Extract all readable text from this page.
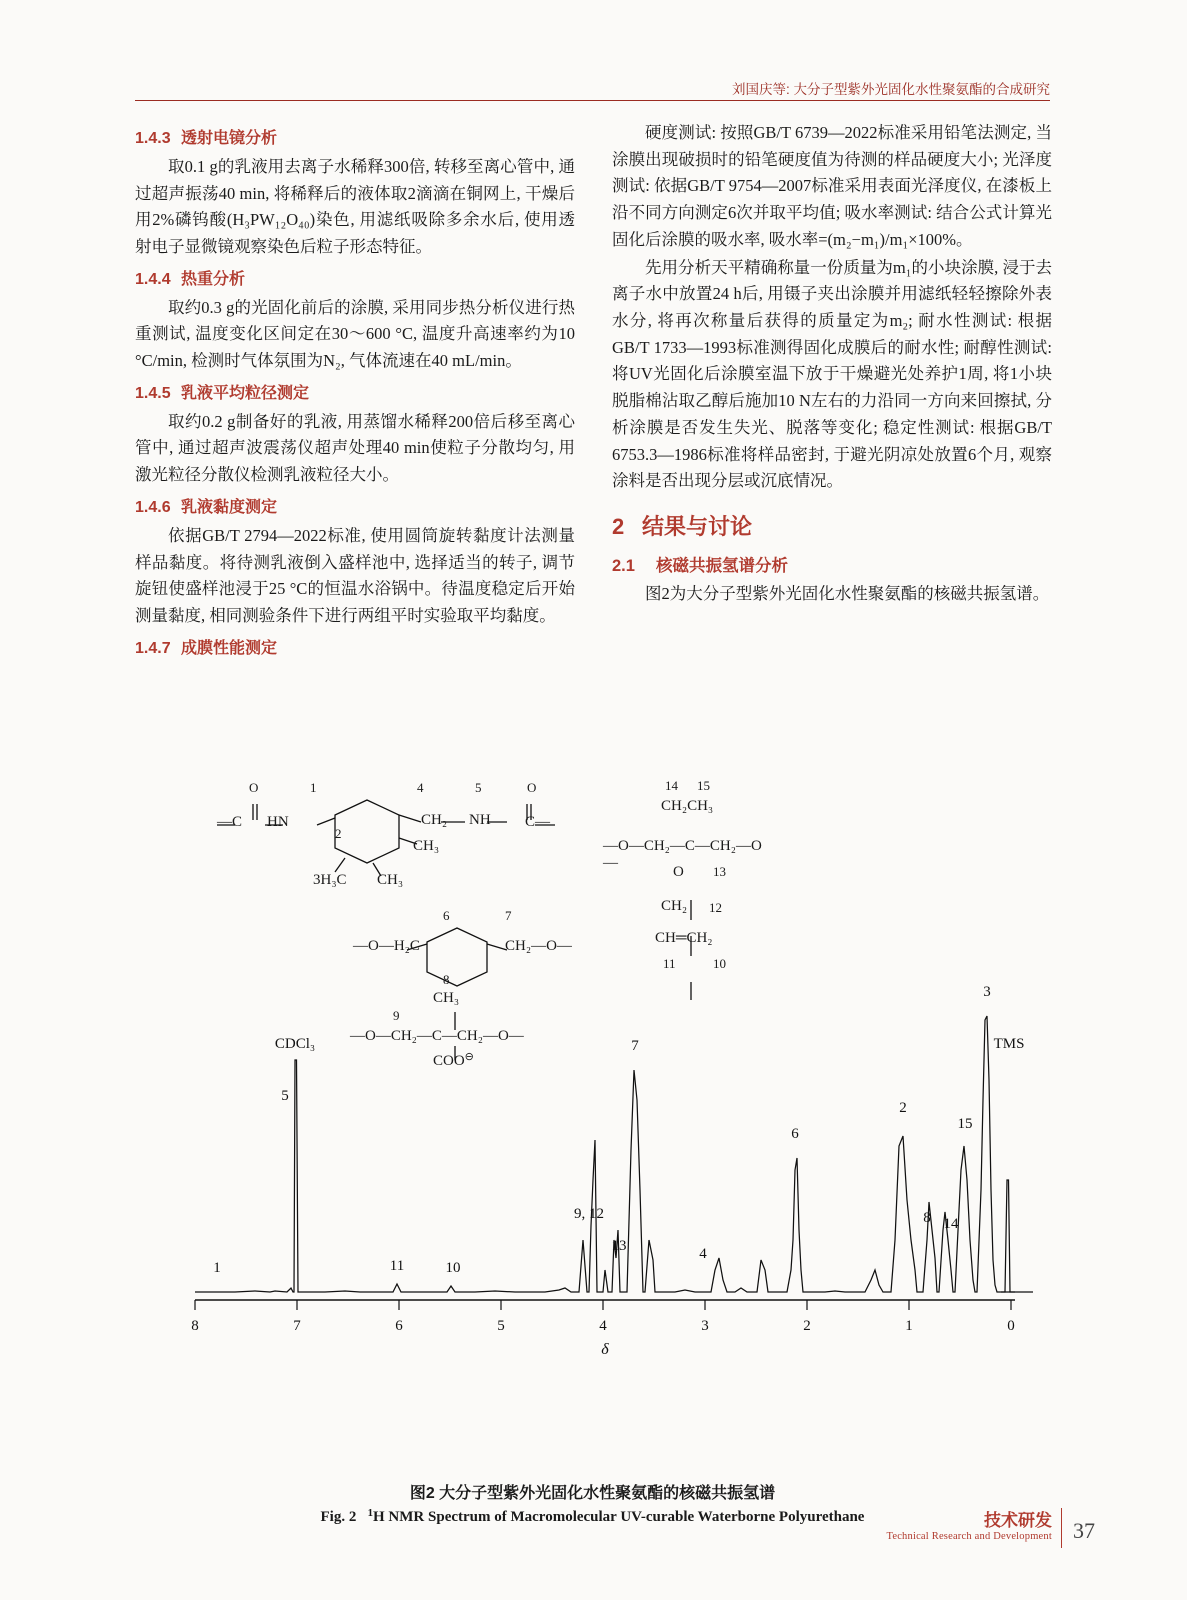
刘国庆等: 大分子型紫外光固化水性聚氨酯的合成研究
1.4.3 透射电镜分析
取0.1 g的乳液用去离子水稀释300倍, 转移至离心管中, 通过超声振荡40 min, 将稀释后的液体取2滴滴在铜网上, 干燥后用2%磷钨酸(H₃PW₁₂O₄₀)染色, 用滤纸吸除多余水后, 使用透射电子显微镜观察染色后粒子形态特征。
1.4.4 热重分析
取约0.3 g的光固化前后的涂膜, 采用同步热分析仪进行热重测试, 温度变化区间定在30～600 °C, 温度升高速率约为10 °C/min, 检测时气体氛围为N₂, 气体流速在40 mL/min。
1.4.5 乳液平均粒径测定
取约0.2 g制备好的乳液, 用蒸馏水稀释200倍后移至离心管中, 通过超声波震荡仪超声处理40 min使粒子分散均匀, 用激光粒径分散仪检测乳液粒径大小。
1.4.6 乳液黏度测定
依据GB/T 2794—2022标准, 使用圆筒旋转黏度计法测量样品黏度。将待测乳液倒入盛样池中, 选择适当的转子, 调节旋钮使盛样池浸于25 °C的恒温水浴锅中。待温度稳定后开始测量黏度, 相同测验条件下进行两组平时实验取平均黏度。
1.4.7 成膜性能测定
硬度测试: 按照GB/T 6739—2022标准采用铅笔法测定, 当涂膜出现破损时的铅笔硬度值为待测的样品硬度大小; 光泽度测试: 依据GB/T 9754—2007标准采用表面光泽度仪, 在漆板上沿不同方向测定6次并取平均值; 吸水率测试: 结合公式计算光固化后涂膜的吸水率, 吸水率=(m₂−m₁)/m₁×100%。
先用分析天平精确称量一份质量为m₁的小块涂膜, 浸于去离子水中放置24 h后, 用镊子夹出涂膜并用滤纸轻轻擦除外表水分, 将再次称量后获得的质量定为m₂; 耐水性测试: 根据GB/T 1733—1993标准测得固化成膜后的耐水性; 耐醇性测试: 将UV光固化后涂膜室温下放于干燥避光处养护1周, 将1小块脱脂棉沾取乙醇后施加10 N左右的力沿同一方向来回擦拭, 分析涂膜是否发生失光、脱落等变化; 稳定性测试: 根据GB/T 6753.3—1986标准将样品密封, 于避光阴凉处放置6个月, 观察涂料是否出现分层或沉底情况。
2 结果与讨论
2.1 核磁共振氢谱分析
图2为大分子型紫外光固化水性聚氨酯的核磁共振氢谱。
O	1
—C HN
4
CH₂
5
NH
O
C—
2
CH₃
3H₃C CH₃
6	7
—O—H₂C	CH₂—O—
8
CH₃
9
—O—CH₂—C—CH₂—O—
COO⊖
14 15
CH₂CH₃
—O—CH₂—C—CH₂—O—
O 13
CH₂ 12
CH═CH₂
11	10
8	7	6	5	4	3	2	1	0
δ
CDCl₃
1
5
11	10
9, 12
13
7
4
6
2
8 14
15
3
TMS
图2 大分子型紫外光固化水性聚氨酯的核磁共振氢谱
Fig. 2 $^1$H NMR Spectrum of Macromolecular UV-curable Waterborne Polyurethane	技术研发
Technical Research and Development 37
